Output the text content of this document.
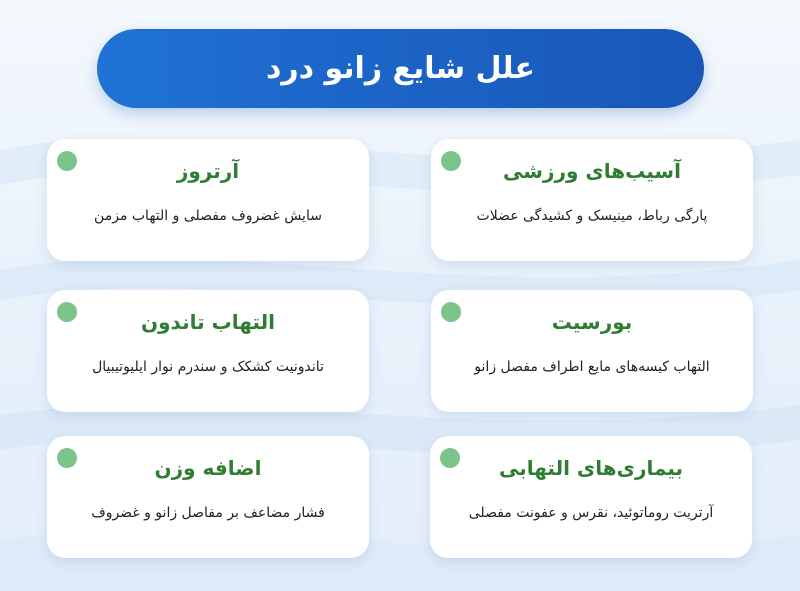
علل شایع زانو درد
آسیب‌های ورزشی

پارگی رباط، مینیسک و کشیدگی عضلات

آرتروز

سایش غضروف مفصلی و التهاب مزمن

بورسیت

التهاب کیسه‌های مایع اطراف مفصل زانو

التهاب تاندون

تاندونیت کشکک و سندرم نوار ایلیوتیبیال

بیماری‌های التهابی

آرتریت روماتوئید، نقرس و عفونت مفصلی

اضافه وزن

فشار مضاعف بر مفاصل زانو و غضروف
